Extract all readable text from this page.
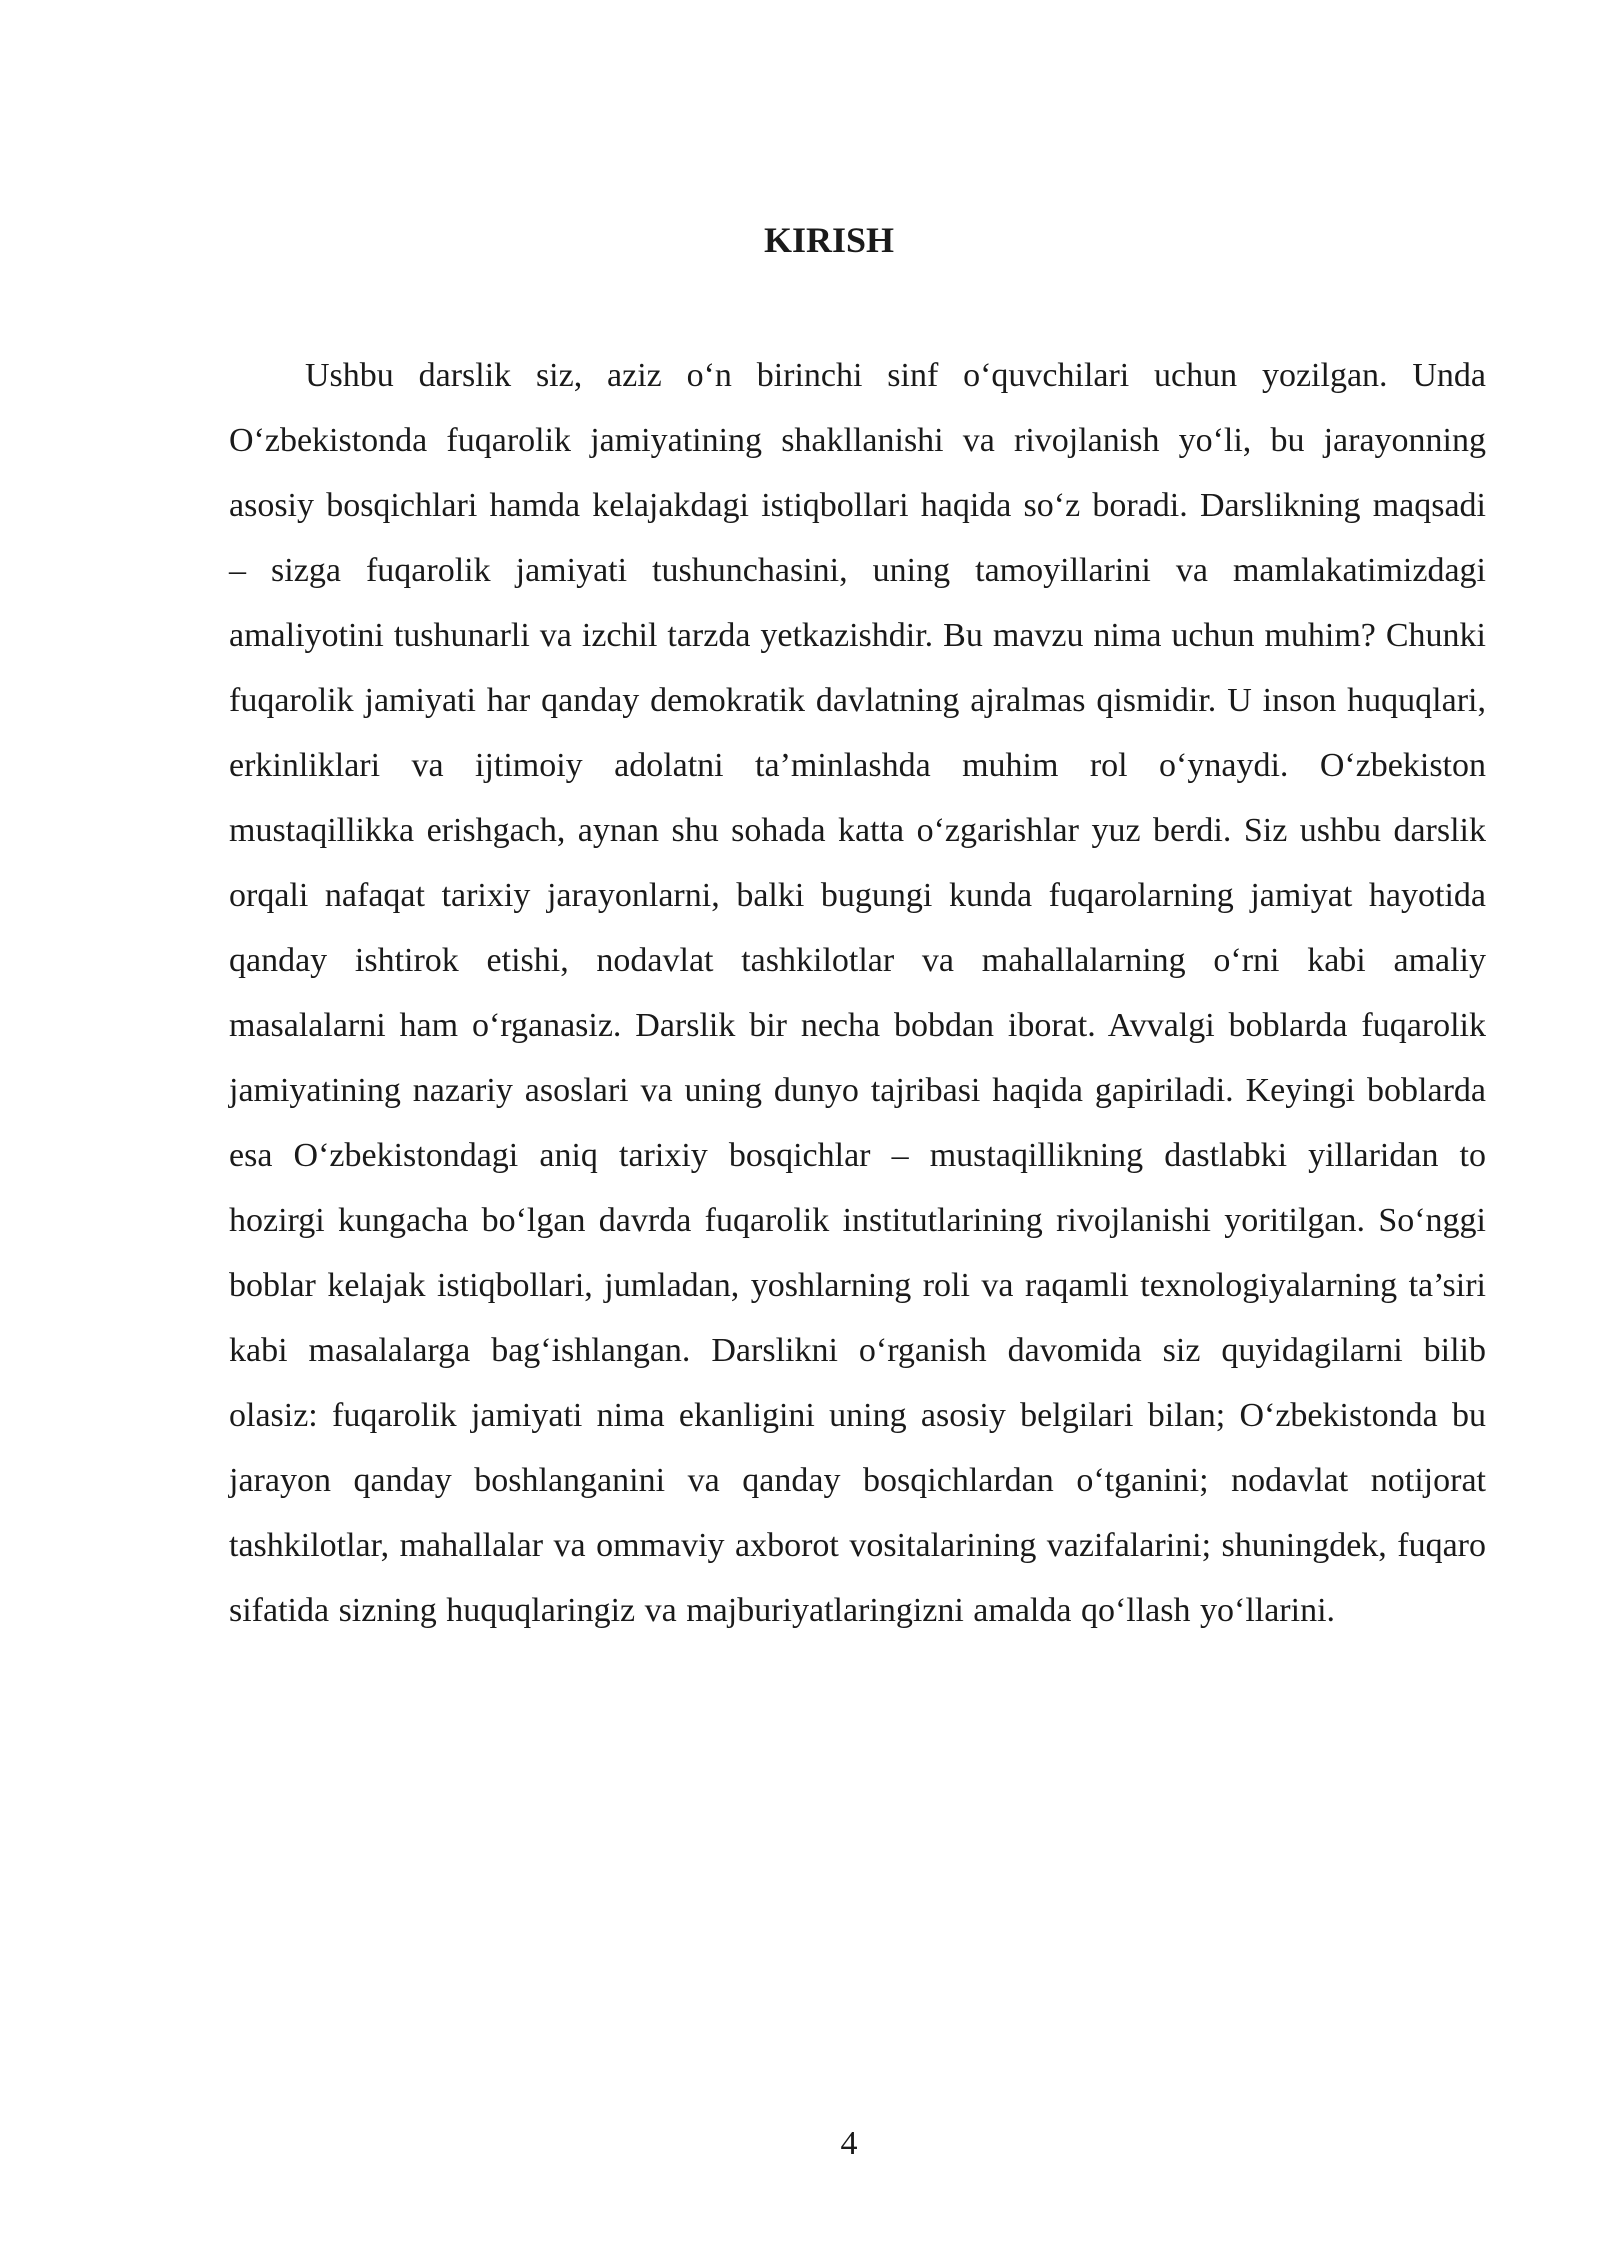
KIRISH

Ushbu darslik siz, aziz o‘n birinchi sinf o‘quvchilari uchun yozilgan. Unda O‘zbekistonda fuqarolik jamiyatining shakllanishi va rivojlanish yo‘li, bu jarayonning asosiy bosqichlari hamda kelajakdagi istiqbollari haqida so‘z boradi. Darslikning maqsadi – sizga fuqarolik jamiyati tushunchasini, uning tamoyillarini va mamlakatimizdagi amaliyotini tushunarli va izchil tarzda yetkazishdir. Bu mavzu nima uchun muhim? Chunki fuqarolik jamiyati har qanday demokratik davlatning ajralmas qismidir. U inson huquqlari, erkinliklari va ijtimoiy adolatni ta’minlashda muhim rol o‘ynaydi. O‘zbekiston mustaqillikka erishgach, aynan shu sohada katta o‘zgarishlar yuz berdi. Siz ushbu darslik orqali nafaqat tarixiy jarayonlarni, balki bugungi kunda fuqarolarning jamiyat hayotida qanday ishtirok etishi, nodavlat tashkilotlar va mahallalarning o‘rni kabi amaliy masalalarni ham o‘rganasiz. Darslik bir necha bobdan iborat. Avvalgi boblarda fuqarolik jamiyatining nazariy asoslari va uning dunyo tajribasi haqida gapiriladi. Keyingi boblarda esa O‘zbekistondagi aniq tarixiy bosqichlar – mustaqillikning dastlabki yillaridan to hozirgi kungacha bo‘lgan davrda fuqarolik institutlarining rivojlanishi yoritilgan. So‘nggi boblar kelajak istiqbollari, jumladan, yoshlarning roli va raqamli texnologiyalarning ta’siri kabi masalalarga bag‘ishlangan. Darslikni o‘rganish davomida siz quyidagilarni bilib olasiz: fuqarolik jamiyati nima ekanligini uning asosiy belgilari bilan; O‘zbekistonda bu jarayon qanday boshlanganini va qanday bosqichlardan o‘tganini; nodavlat notijorat tashkilotlar, mahallalar va ommaviy axborot vositalarining vazifalarini; shuningdek, fuqaro sifatida sizning huquqlaringiz va majburiyatlaringizni amalda qo‘llash yo‘llarini.

4
